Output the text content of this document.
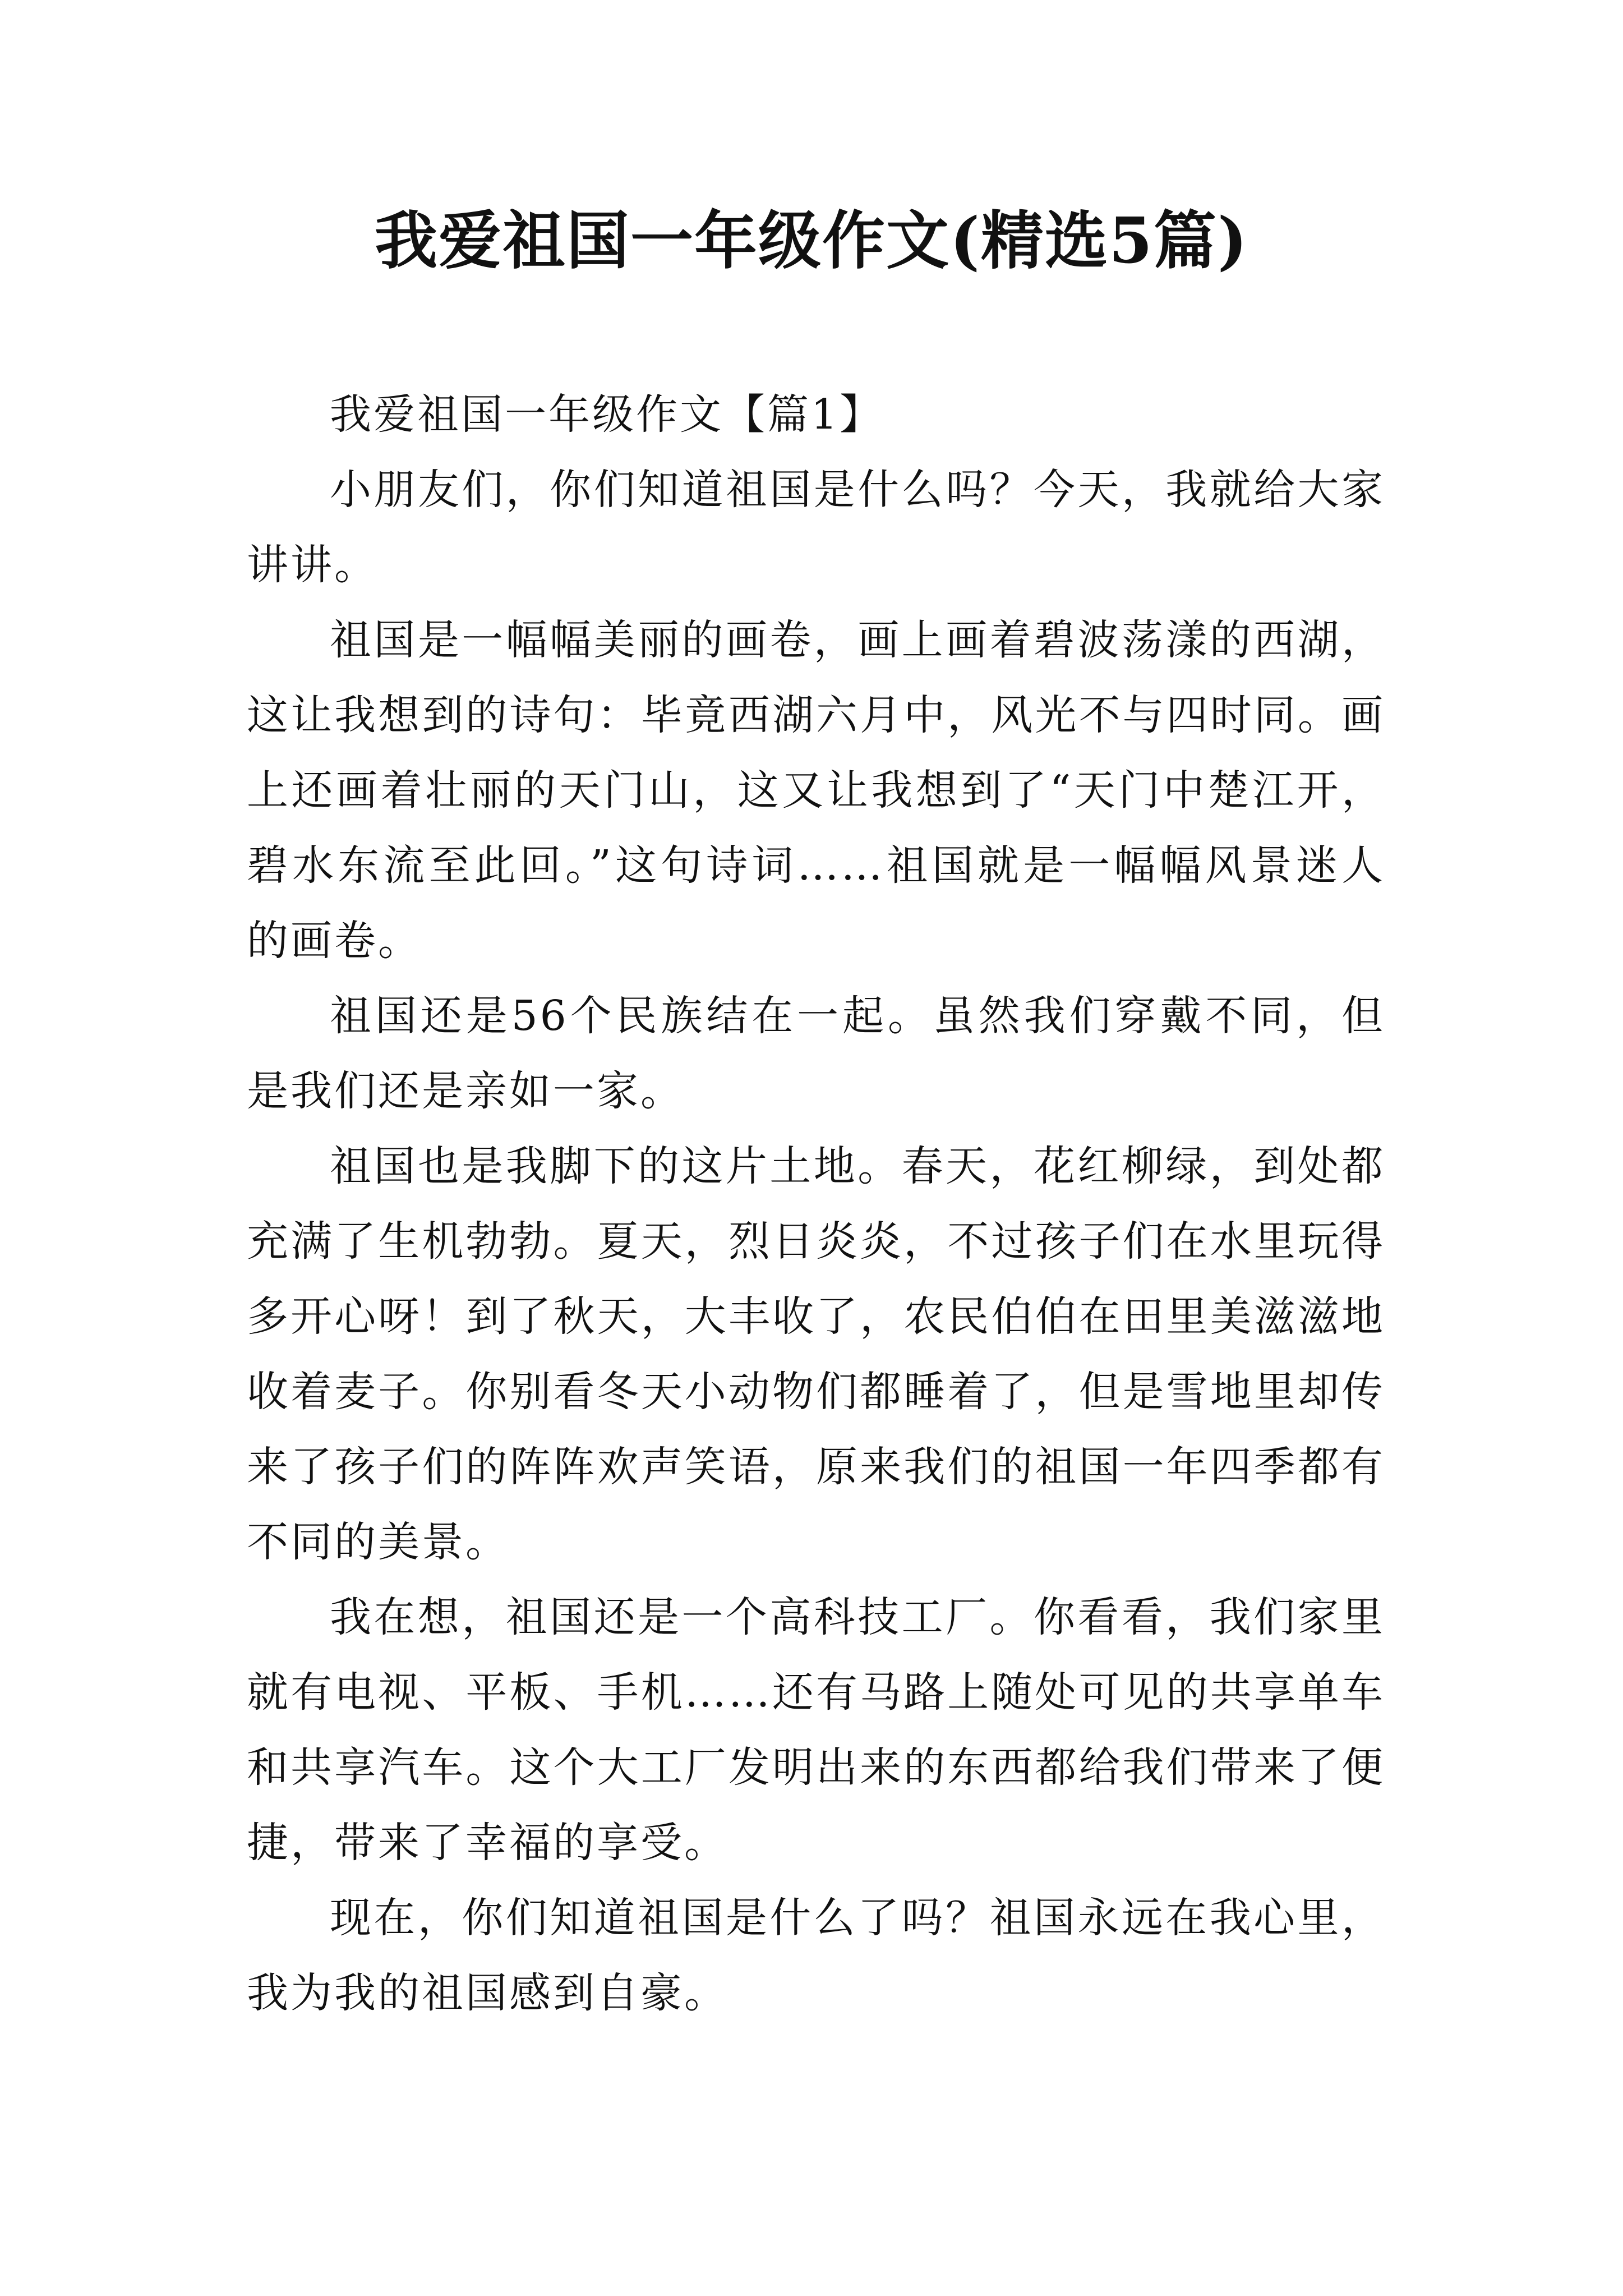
我爱祖国一年级作文(精选5篇)

我爱祖国一年级作文【篇1】

小朋友们，你们知道祖国是什么吗？今天，我就给大家讲讲。

祖国是一幅幅美丽的画卷，画上画着碧波荡漾的西湖，这让我想到的诗句：毕竟西湖六月中，风光不与四时同。画上还画着壮丽的天门山，这又让我想到了“天门中楚江开，碧水东流至此回。”这句诗词……祖国就是一幅幅风景迷人的画卷。

祖国还是56个民族结在一起。虽然我们穿戴不同，但是我们还是亲如一家。

祖国也是我脚下的这片土地。春天，花红柳绿，到处都充满了生机勃勃。夏天，烈日炎炎，不过孩子们在水里玩得多开心呀！到了秋天，大丰收了，农民伯伯在田里美滋滋地收着麦子。你别看冬天小动物们都睡着了，但是雪地里却传来了孩子们的阵阵欢声笑语，原来我们的祖国一年四季都有不同的美景。

我在想，祖国还是一个高科技工厂。你看看，我们家里就有电视、平板、手机……还有马路上随处可见的共享单车和共享汽车。这个大工厂发明出来的东西都给我们带来了便捷，带来了幸福的享受。

现在，你们知道祖国是什么了吗？祖国永远在我心里，我为我的祖国感到自豪。
